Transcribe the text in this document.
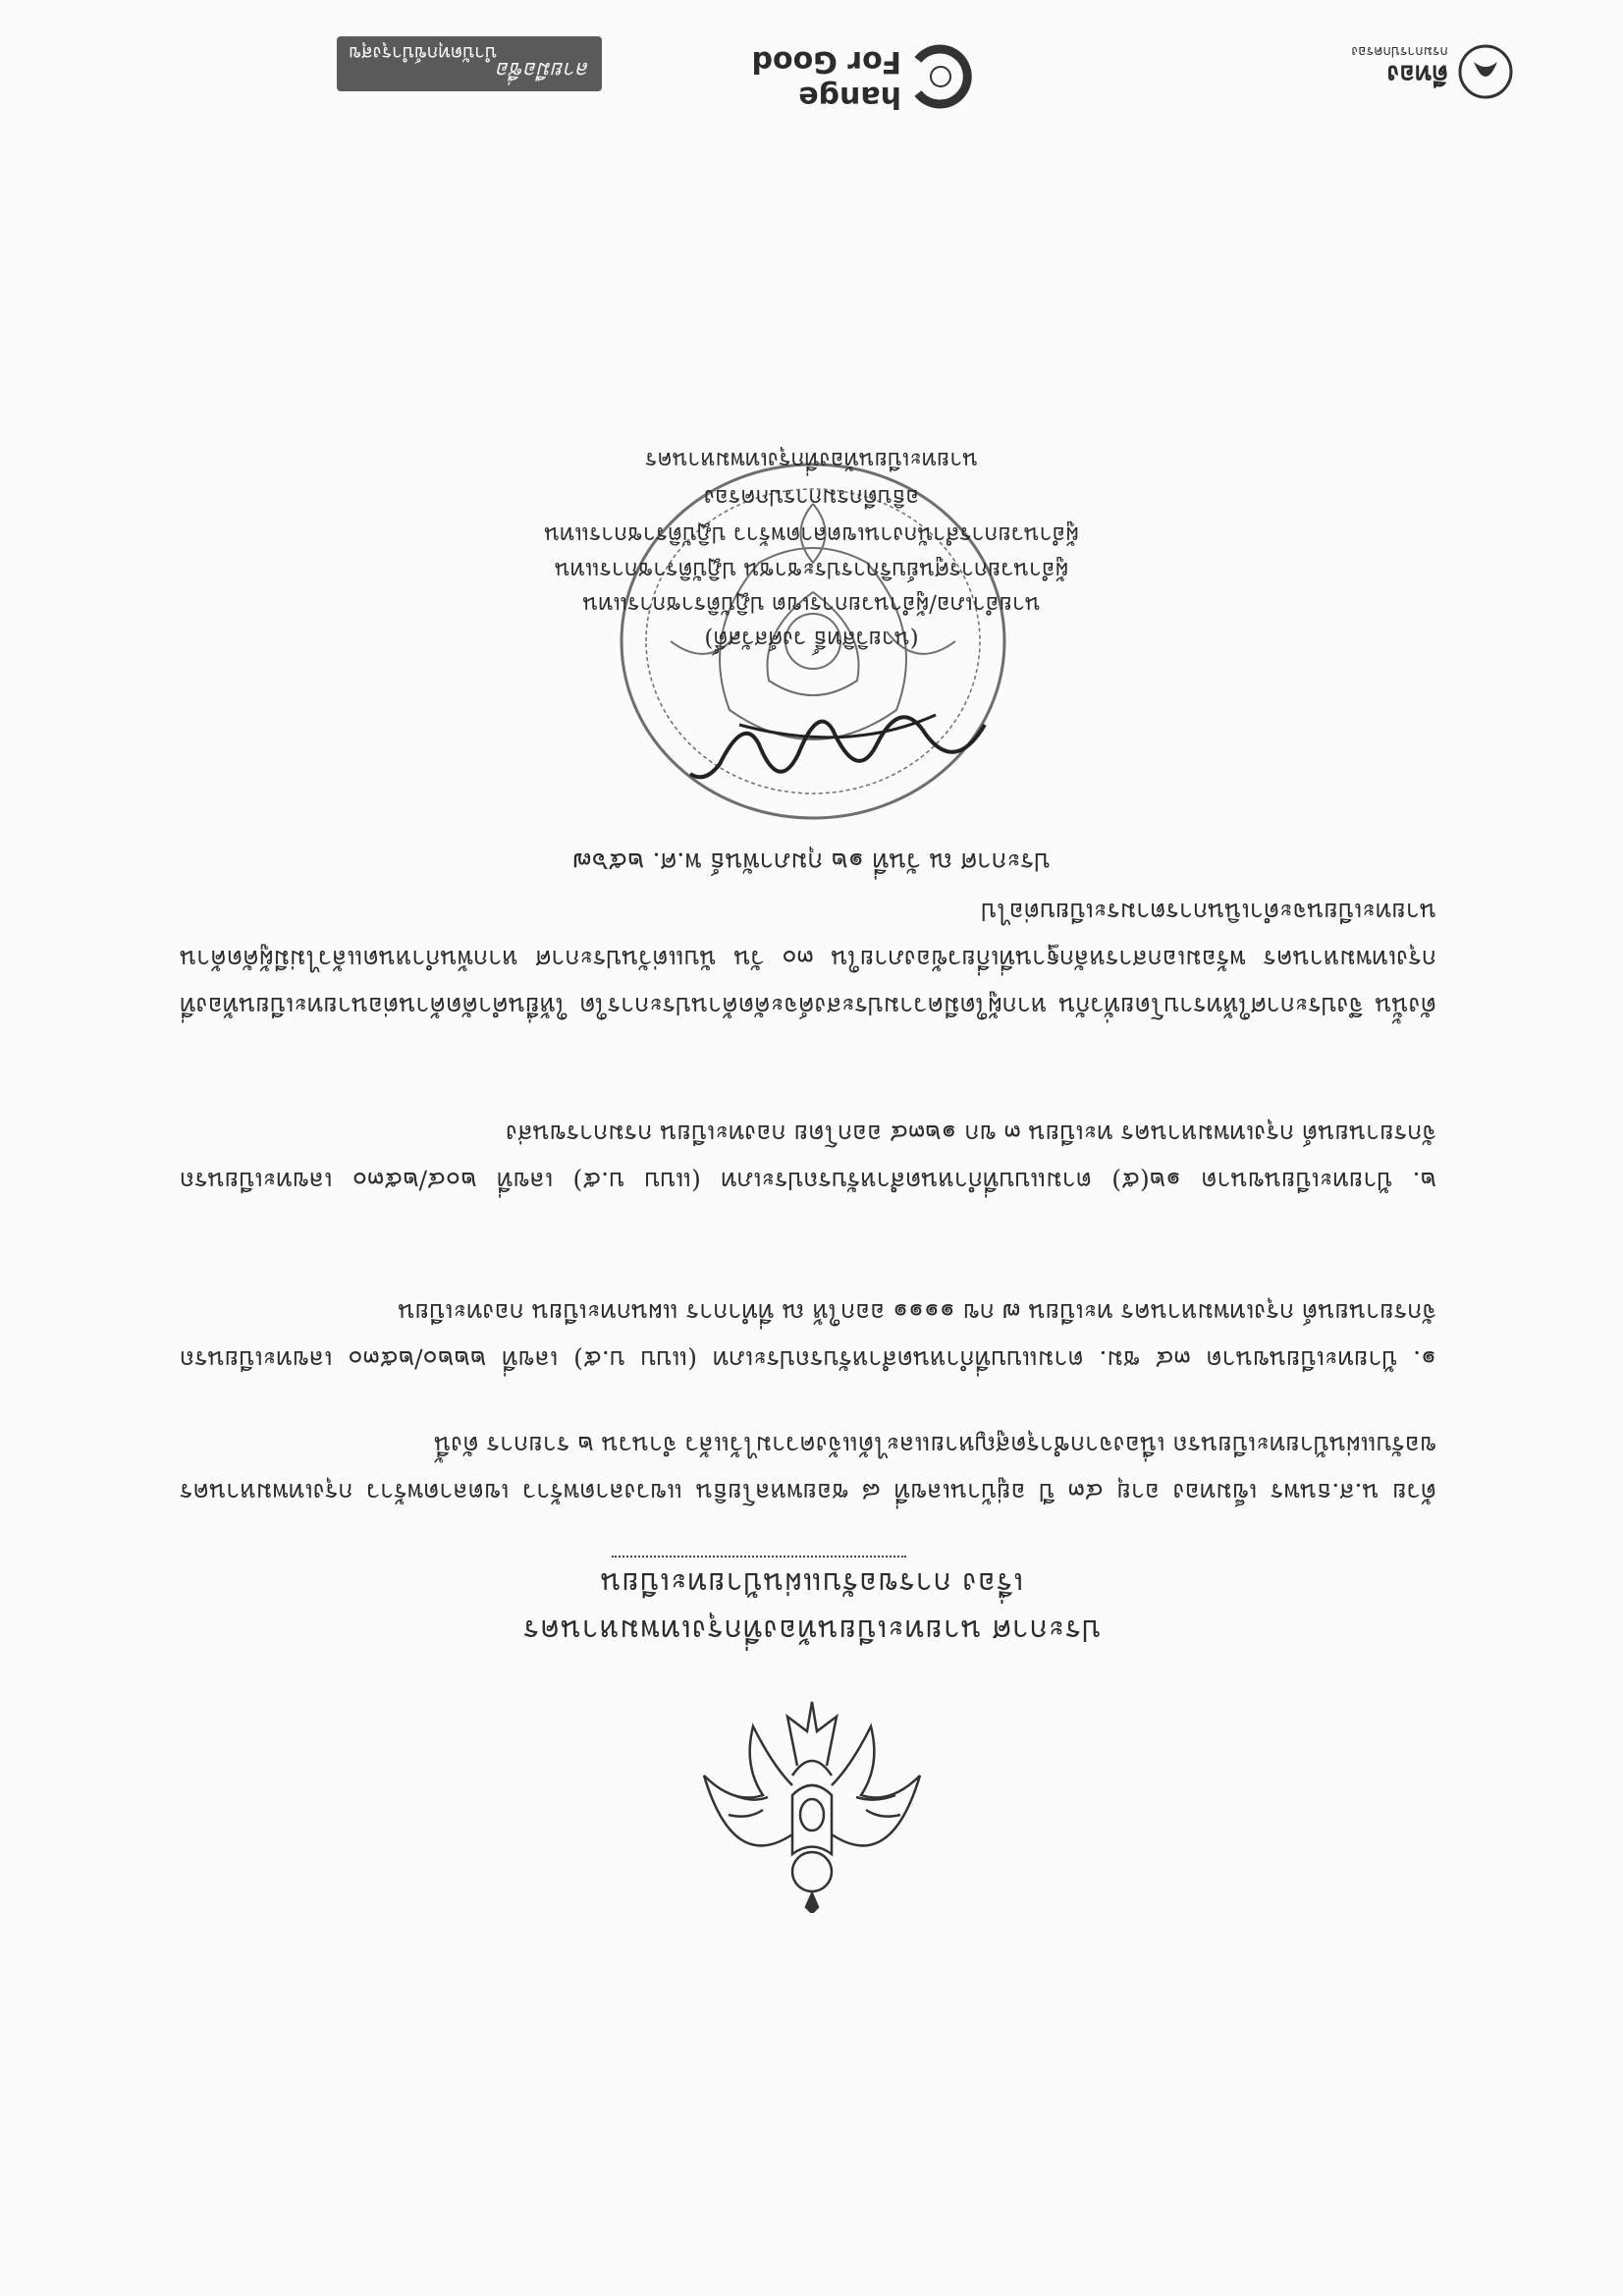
ประกาศ นายทะเบียนท้องที่กรุงเทพมหานคร
เรื่อง การขอรับแผ่นป้ายทะเบียน
ด้วย น.ส.ธนพร เข็มทอง อายุ ๔๓ ปี อยู่บ้านเลขที่ ๘ ซอยพหลโยธิน แขวงลาดพร้าว เขตลาดพร้าว กรุงเทพมหานคร ขอรับแผ่นป้ายทะเบียนรถ เนื่องจากชำรุดสูญหายและได้แจ้งความไว้แล้ว จำนวน ๒ รายการ ดังนี้
๑. ป้ายทะเบียนขนาด ๓๔ ซม. ตามแบบที่กำหนดสำหรับรถประเภท (แบบ บ.๕) เลขที่ ๒๒๒๐/๒๕๓๐ เลขทะเบียนรถจักรยานยนต์ กรุงเทพมหานคร ทะเบียน ๗ กข ๑๑๑๑ ออกให้ ณ ที่ทำการ แผนกทะเบียน กองทะเบียน
๒. ป้ายทะเบียนขนาด ๑๒(๕) ตามแบบที่กำหนดสำหรับรถประเภท (แบบ บ.๕) เลขที่ ๒๐๔/๒๕๓๐ เลขทะเบียนรถจักรยานยนต์ กรุงเทพมหานคร ทะเบียน ๓ ขก ๑๒๓๔ ออกโดย กองทะเบียน กรมการขนส่ง
ดังนั้น จึงประกาศให้ทราบโดยทั่วกัน หากผู้ใดมีความประสงค์จะคัดค้านประการใด ให้ยื่นคำคัดค้านต่อนายทะเบียนท้องที่กรุงเทพมหานคร พร้อมเอกสารหลักฐานที่เกี่ยวข้องภายใน ๓๐ วัน นับแต่วันประกาศ หากพ้นกำหนดแล้วไม่มีผู้คัดค้าน นายทะเบียนจะดำเนินการตามระเบียบต่อไป
ประกาศ ณ วันที่ ๑๒ กุมภาพันธ์ พ.ศ. ๒๕๖๗
(นายวิสิทธิ์ วงศ์สวัสดิ์)
นายอำเภอ/ผู้อำนวยการเขต ปฏิบัติราชการแทน
ผู้อำนวยการศูนย์บริการประชาชน ปฏิบัติราชการแทน
ผู้อำนวยการสำนักงานเขตลาดพร้าว ปฏิบัติราชการแทน
อธิบดีกรมการปกครอง
นายทะเบียนท้องที่กรุงเทพมหานคร
ดีทอง
กรมการปกครอง
hange
For Good
ลายมือชื่อ
บำบัดทุกข์บำรุงสุข
